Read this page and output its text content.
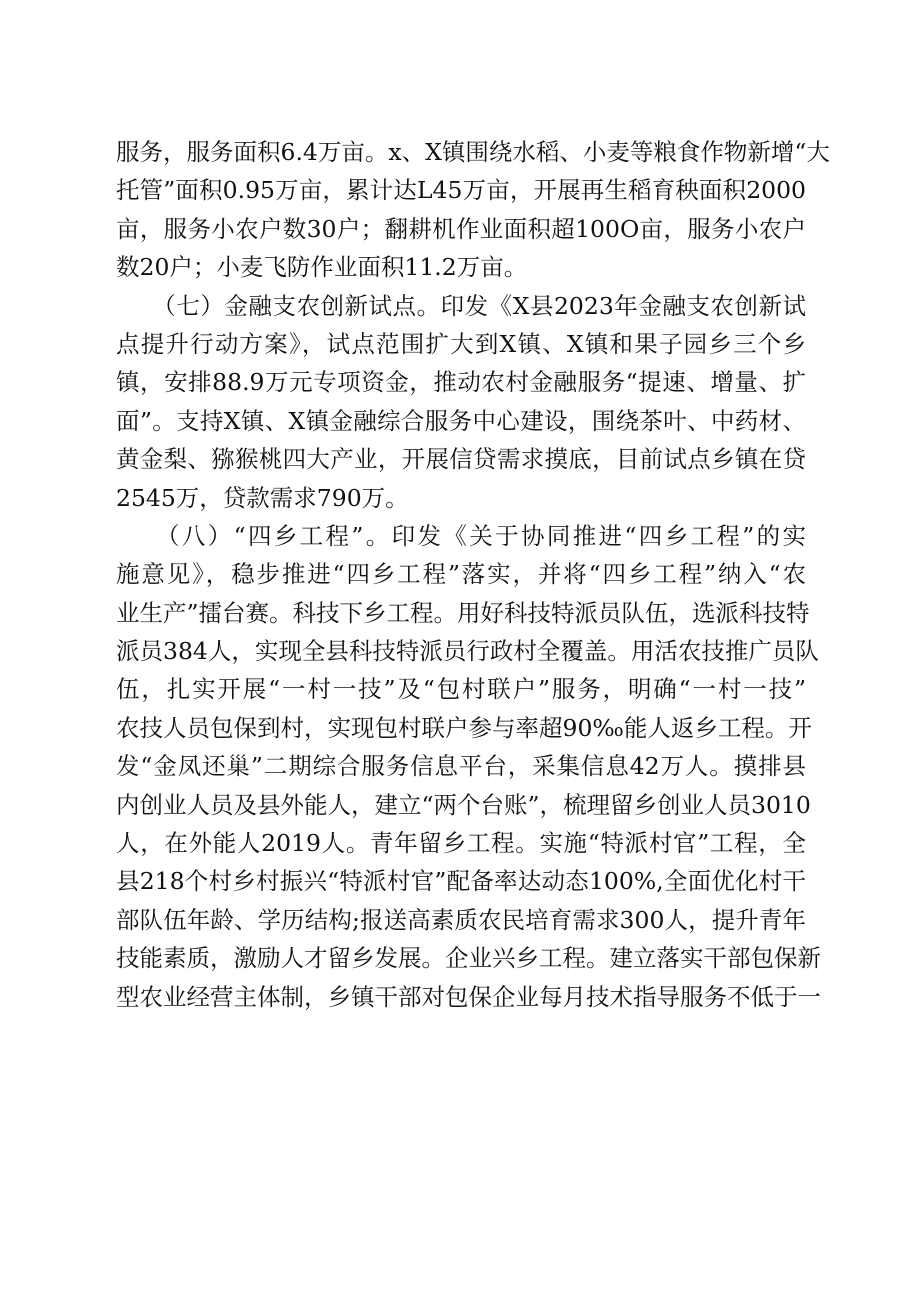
服务，服务面积6.4万亩。x、X镇围绕水稻、小麦等粮食作物新增“大
托管”面积0.95万亩，累计达L45万亩，开展再生稻育秧面积2000
亩，服务小农户数30户；翻耕机作业面积超100O亩，服务小农户
数20户；小麦飞防作业面积11.2万亩。
　　（七）金融支农创新试点。印发《X县2023年金融支农创新试
点提升行动方案》，试点范围扩大到X镇、X镇和果子园乡三个乡
镇，安排88.9万元专项资金，推动农村金融服务“提速、增量、扩
面”。支持X镇、X镇金融综合服务中心建设，围绕茶叶、中药材、
黄金梨、猕猴桃四大产业，开展信贷需求摸底，目前试点乡镇在贷
2545万，贷款需求790万。
　　（八）“四乡工程”。印发《关于协同推进“四乡工程”的实
施意见》，稳步推进“四乡工程”落实，并将“四乡工程”纳入“农
业生产”擂台赛。科技下乡工程。用好科技特派员队伍，选派科技特
派员384人，实现全县科技特派员行政村全覆盖。用活农技推广员队
伍，扎实开展“一村一技”及“包村联户”服务，明确“一村一技”
农技人员包保到村，实现包村联户参与率超90‰能人返乡工程。开
发“金凤还巢”二期综合服务信息平台，采集信息42万人。摸排县
内创业人员及县外能人，建立“两个台账”，梳理留乡创业人员3010
人，在外能人2019人。青年留乡工程。实施“特派村官”工程，全
县218个村乡村振兴“特派村官”配备率达动态100%,全面优化村干
部队伍年龄、学历结构;报送高素质农民培育需求300人，提升青年
技能素质，激励人才留乡发展。企业兴乡工程。建立落实干部包保新
型农业经营主体制，乡镇干部对包保企业每月技术指导服务不低于一
